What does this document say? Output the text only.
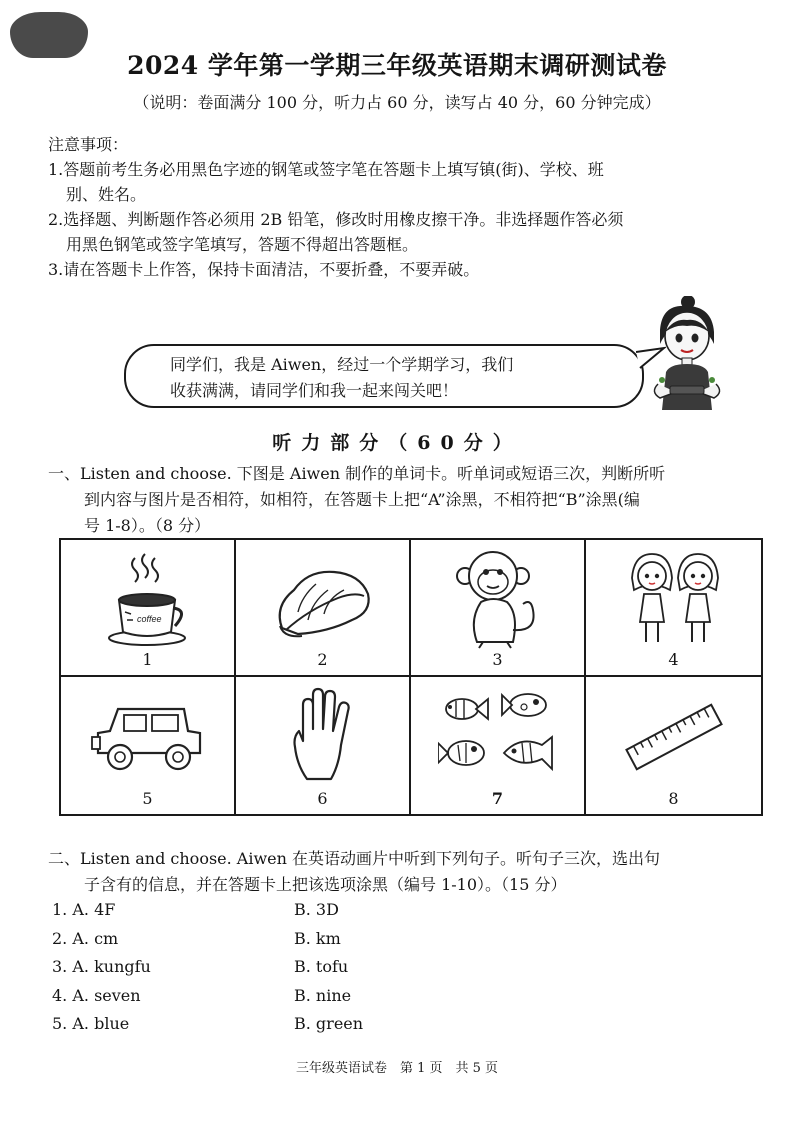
2024 学年第一学期三年级英语期末调研测试卷
（说明：卷面满分 100 分，听力占 60 分，读写占 40 分，60 分钟完成）

注意事项：

1.答题前考生务必用黑色字迹的钢笔或签字笔在答题卡上填写镇(街)、学校、班

别、姓名。

2.选择题、判断题作答必须用 2B 铅笔，修改时用橡皮擦干净。非选择题作答必须

用黑色钢笔或签字笔填写，答题不得超出答题框。

3.请在答题卡上作答，保持卡面清洁，不要折叠，不要弄破。

同学们，我是 Aiwen，经过一个学期学习，我们
收获满满，请同学们和我一起来闯关吧！
听力部分（60分）

一、Listen and choose. 下图是 Aiwen 制作的单词卡。听单词或短语三次，判断所听

到内容与图片是否相符，如相符，在答题卡上把“A”涂黑，不相符把“B”涂黑(编

号 1-8）。（8 分）

coffee
1	2	3	4
5	6	7	8

二、Listen and choose. Aiwen 在英语动画片中听到下列句子。听句子三次，选出句

子含有的信息，并在答题卡上把该选项涂黑（编号 1-10）。（15 分）

1. A. 4F	B. 3D
2. A. cm	B. km
3. A. kungfu	B. tofu
4. A. seven	B. nine
5. A. blue	B. green
三年级英语试卷　第 1 页　共 5 页
